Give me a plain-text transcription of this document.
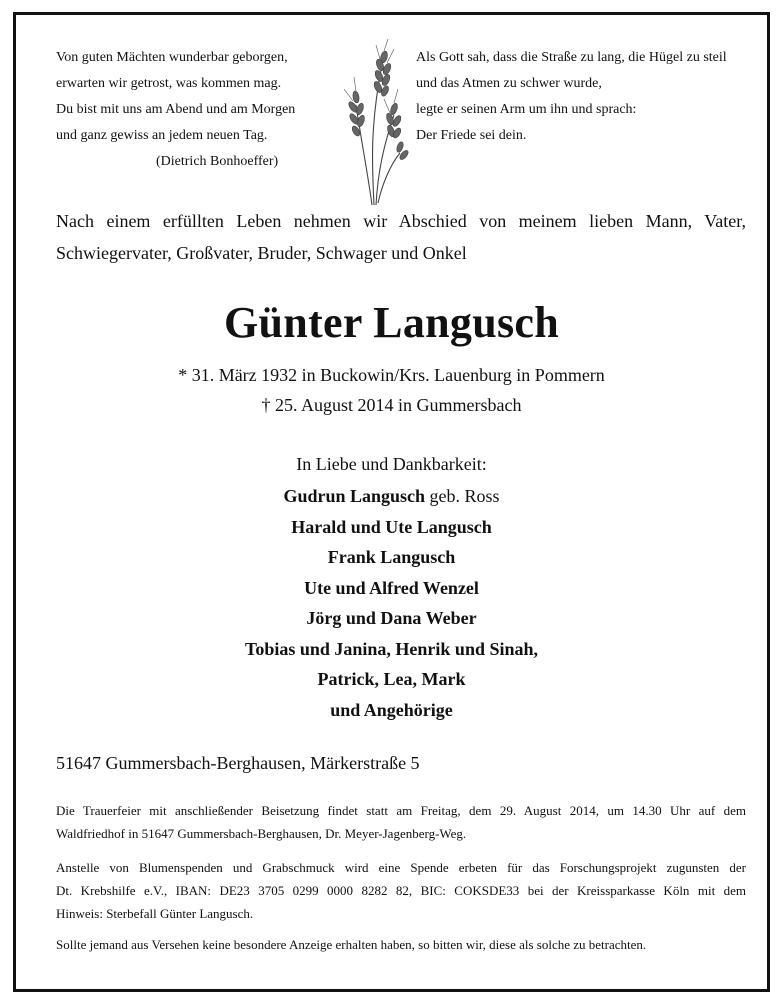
Von guten Mächten wunderbar geborgen,
erwarten wir getrost, was kommen mag.
Du bist mit uns am Abend und am Morgen
und ganz gewiss an jedem neuen Tag.
(Dietrich Bonhoeffer)
Als Gott sah, dass die Straße zu lang, die Hügel zu steil
und das Atmen zu schwer wurde,
legte er seinen Arm um ihn und sprach:
Der Friede sei dein.
Nach einem erfüllten Leben nehmen wir Abschied von meinem lieben Mann, Vater,
Schwiegervater, Großvater, Bruder, Schwager und Onkel
Günter Langusch
* 31. März 1932 in Buckowin/Krs. Lauenburg in Pommern
† 25. August 2014 in Gummersbach
In Liebe und Dankbarkeit:
Gudrun Langusch geb. Ross
Harald und Ute Langusch
Frank Langusch
Ute und Alfred Wenzel
Jörg und Dana Weber
Tobias und Janina, Henrik und Sinah,
Patrick, Lea, Mark
und Angehörige
51647 Gummersbach-Berghausen, Märkerstraße 5
Die Trauerfeier mit anschließender Beisetzung findet statt am Freitag, dem 29. August 2014, um 14.30 Uhr auf dem
Waldfriedhof in 51647 Gummersbach-Berghausen, Dr. Meyer-Jagenberg-Weg.
Anstelle von Blumenspenden und Grabschmuck wird eine Spende erbeten für das Forschungsprojekt zugunsten der
Dt. Krebshilfe e.V., IBAN: DE23 3705 0299 0000 8282 82, BIC: COKSDE33 bei der Kreissparkasse Köln mit dem
Hinweis: Sterbefall Günter Langusch.
Sollte jemand aus Versehen keine besondere Anzeige erhalten haben, so bitten wir, diese als solche zu betrachten.
